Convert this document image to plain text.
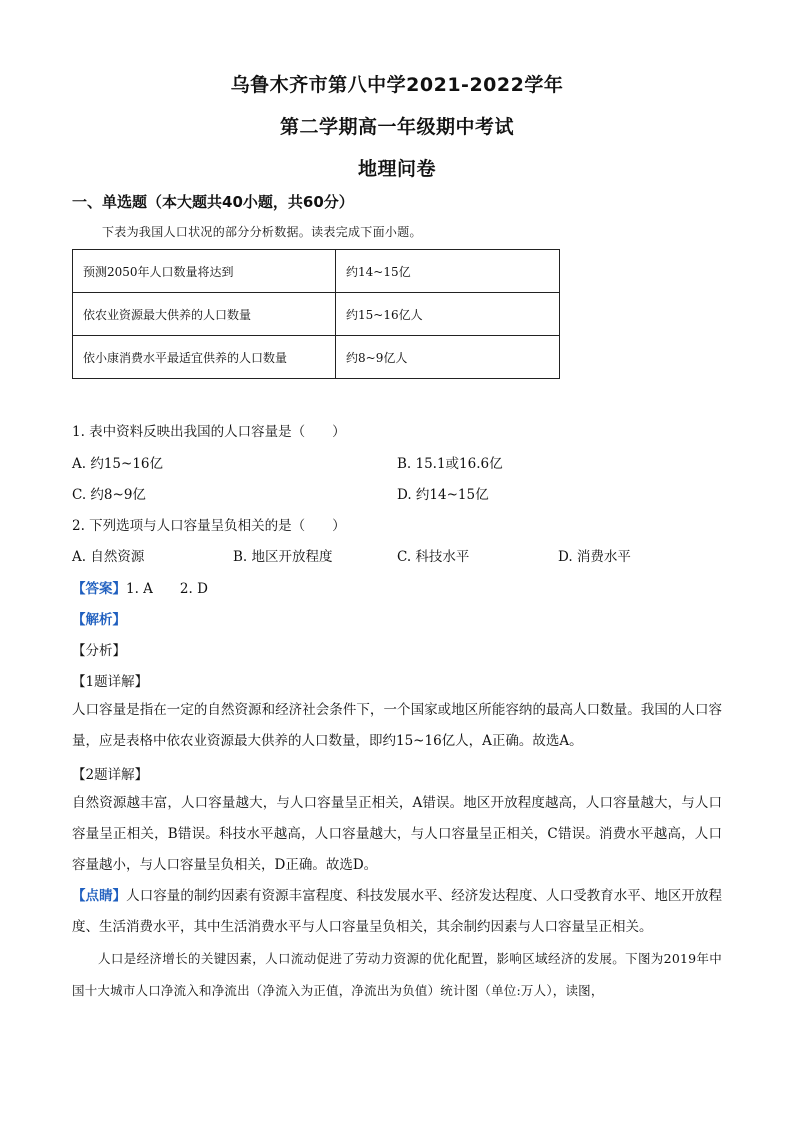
乌鲁木齐市第八中学2021-2022学年
第二学期高一年级期中考试
地理问卷
一、单选题（本大题共40小题，共60分）
下表为我国人口状况的部分分析数据。读表完成下面小题。
预测2050年人口数量将达到	约14~15亿
依农业资源最大供养的人口数量	约15~16亿人
依小康消费水平最适宜供养的人口数量	约8~9亿人
1. 表中资料反映出我国的人口容量是（　　）
A. 约15~16亿	B. 15.1或16.6亿
C. 约8~9亿	D. 约14~15亿
2. 下列选项与人口容量呈负相关的是（　　）
A. 自然资源	B. 地区开放程度	C. 科技水平	D. 消费水平
【答案】1. A　　2. D
【解析】
【分析】
【1题详解】
人口容量是指在一定的自然资源和经济社会条件下，一个国家或地区所能容纳的最高人口数量。我国的人口容量，应是表格中依农业资源最大供养的人口数量，即约15~16亿人，A正确。故选A。
【2题详解】
自然资源越丰富，人口容量越大，与人口容量呈正相关，A错误。地区开放程度越高，人口容量越大，与人口容量呈正相关，B错误。科技水平越高，人口容量越大，与人口容量呈正相关，C错误。消费水平越高，人口容量越小，与人口容量呈负相关，D正确。故选D。
【点睛】人口容量的制约因素有资源丰富程度、科技发展水平、经济发达程度、人口受教育水平、地区开放程度、生活消费水平，其中生活消费水平与人口容量呈负相关，其余制约因素与人口容量呈正相关。
人口是经济增长的关键因素，人口流动促进了劳动力资源的优化配置，影响区域经济的发展。下图为2019年中国十大城市人口净流入和净流出（净流入为正值，净流出为负值）统计图（单位:万人），读图，
